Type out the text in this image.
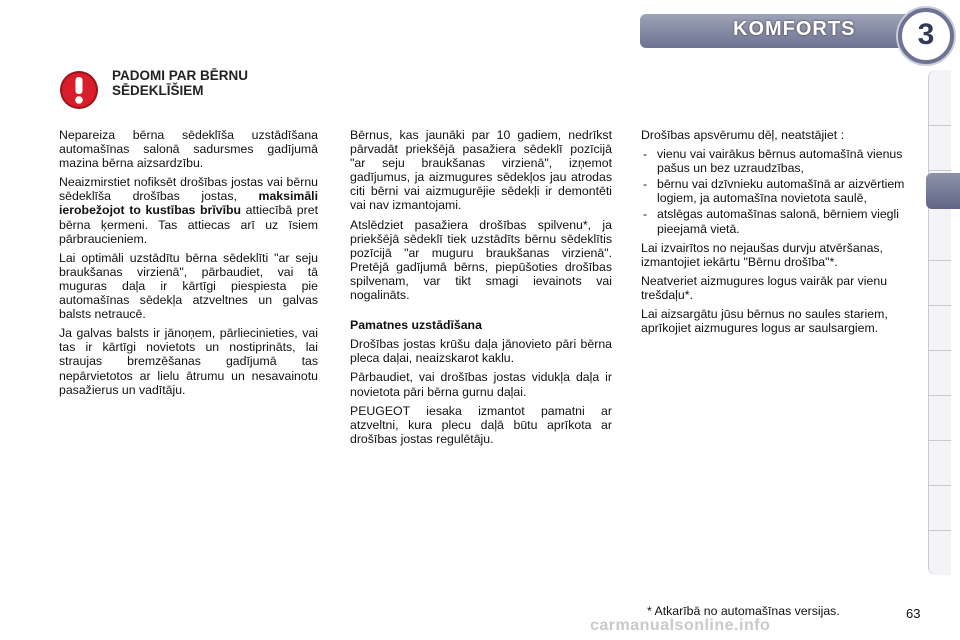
KOMFORTS	3
PADOMI PAR BĒRNU
SĒDEKLĪŠIEM

Nepareiza bērna sēdeklīša uzstādīšana automašīnas salonā sadursmes gadījumā mazina bērna aizsardzību.

Neaizmirstiet nofiksēt drošības jostas vai bērnu sēdeklīša drošības jostas, maksimāli ierobežojot to kustības brīvību attiecībā pret bērna ķermeni. Tas attiecas arī uz īsiem pārbraucieniem.

Lai optimāli uzstādītu bērna sēdeklīti "ar seju braukšanas virzienā", pārbaudiet, vai tā muguras daļa ir kārtīgi piespiesta pie automašīnas sēdekļa atzveltnes un galvas balsts netraucē.

Ja galvas balsts ir jānoņem, pārliecinieties, vai tas ir kārtīgi novietots un nostiprināts, lai straujas bremzēšanas gadījumā tas nepārvietotos ar lielu ātrumu un nesavainotu pasažierus un vadītāju.

Bērnus, kas jaunāki par 10 gadiem, nedrīkst pārvadāt priekšējā pasažiera sēdeklī pozīcijā "ar seju braukšanas virzienā", izņemot gadījumus, ja aizmugures sēdekļos jau atrodas citi bērni vai aizmugurējie sēdekļi ir demontēti vai nav izmantojami.

Atslēdziet pasažiera drošības spilvenu*, ja priekšējā sēdeklī tiek uzstādīts bērnu sēdeklītis pozīcijā "ar muguru braukšanas virzienā". Pretējā gadījumā bērns, piepūšoties drošības spilvenam, var tikt smagi ievainots vai nogalināts.

Pamatnes uzstādīšana

Drošības jostas krūšu daļa jānovieto pāri bērna pleca daļai, neaizskarot kaklu.

Pārbaudiet, vai drošības jostas vidukļa daļa ir novietota pāri bērna gurnu daļai.

PEUGEOT iesaka izmantot pamatni ar atzveltni, kura plecu daļā būtu aprīkota ar drošības jostas regulētāju.

Drošības apsvērumu dēļ, neatstājiet :

- vienu vai vairākus bērnus automašīnā vienus pašus un bez uzraudzības,
- bērnu vai dzīvnieku automašīnā ar aizvērtiem logiem, ja automašīna novietota saulē,
- atslēgas automašīnas salonā, bērniem viegli pieejamā vietā.

Lai izvairītos no nejaušas durvju atvēršanas, izmantojiet iekārtu "Bērnu drošība"*.

Neatveriet aizmugures logus vairāk par vienu trešdaļu*.

Lai aizsargātu jūsu bērnus no saules stariem, aprīkojiet aizmugures logus ar saulsargiem.

carmanualsonline.info
* Atkarībā no automašīnas versijas.	63
